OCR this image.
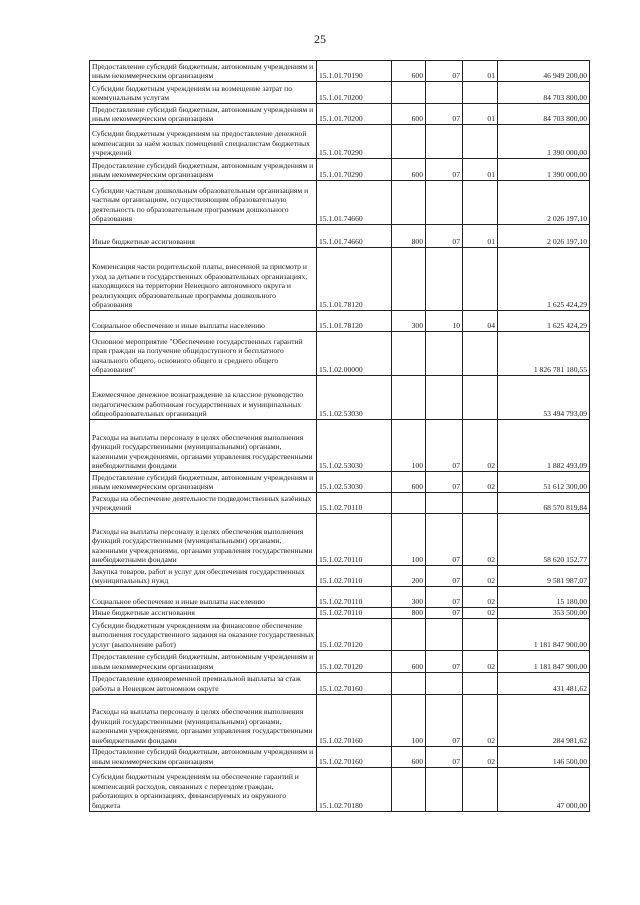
25
Предоставление субсидий бюджетным, автономным учреждениям и иным некоммерческим организациям	15.1.01.70190	600	07	01	46 949 200,00
Субсидии бюджетным учреждениям на возмещение затрат по коммунальным услугам	15.1.01.70200				84 703 800,00
Предоставление субсидий бюджетным, автономным учреждениям и иным некоммерческим организациям	15.1.01.70200	600	07	01	84 703 800,00
Субсидии бюджетным учреждениям на предоставление денежной компенсации за наём жилых помещений специалистам бюджетных учреждений	15.1.01.70290				1 390 000,00
Предоставление субсидий бюджетным, автономным учреждениям и иным некоммерческим организациям	15.1.01.70290	600	07	01	1 390 000,00
Субсидии частным дошкольным образовательным организациям и частным организациям, осуществляющим образовательную деятельность по образовательным программам дошкольного образования	15.1.01.74660				2 026 197,10
Иные бюджетные ассигнования	15.1.01.74660	800	07	01	2 026 197,10
Компенсация части родительской платы, внесенной за присмотр и уход за детьми в государственных образовательных организациях, находящихся на территории Ненецкого автономного округа и реализующих образовательные программы дошкольного образования	15.1.01.78120				1 625 424,29
Социальное обеспечение и иные выплаты населению	15.1.01.78120	300	10	04	1 625 424,29
Основное мероприятие "Обеспечение государственных гарантий прав граждан на получение общедоступного и бесплатного начального общего, основного общего и среднего общего образования"	15.1.02.00000				1 826 781 180,55
Ежемесячное денежное вознаграждение за классное руководство педагогическим работникам государственных и муниципальных общеобразовательных организаций	15.1.02.53030				53 494 793,09
Расходы на выплаты персоналу в целях обеспечения выполнения функций государственными (муниципальными) органами, казенными учреждениями, органами управления государственными внебюджетными фондами	15.1.02.53030	100	07	02	1 882 493,09
Предоставление субсидий бюджетным, автономным учреждениям и иным некоммерческим организациям	15.1.02.53030	600	07	02	51 612 300,00
Расходы на обеспечение деятельности подведомственных казённых учреждений	15.1.02.70110				68 570 819,84
Расходы на выплаты персоналу в целях обеспечения выполнения функций государственными (муниципальными) органами, казенными учреждениями, органами управления государственными внебюджетными фондами	15.1.02.70110	100	07	02	58 620 152,77
Закупка товаров, работ и услуг для обеспечения государственных (муниципальных) нужд	15.1.02.70110	200	07	02	9 581 987,07
Социальное обеспечение и иные выплаты населению	15.1.02.70110	300	07	02	15 180,00
Иные бюджетные ассигнования	15.1.02.70110	800	07	02	353 500,00
Субсидии бюджетным учреждениям на финансовое обеспечение выполнения государственного задания на оказание государственных услуг (выполнение работ)	15.1.02.70120				1 181 847 900,00
Предоставление субсидий бюджетным, автономным учреждениям и иным некоммерческим организациям	15.1.02.70120	600	07	02	1 181 847 900,00
Предоставление единовременной премиальной выплаты за стаж работы в Ненецком автономном округе	15.1.02.70160				431 481,62
Расходы на выплаты персоналу в целях обеспечения выполнения функций государственными (муниципальными) органами, казенными учреждениями, органами управления государственными внебюджетными фондами	15.1.02.70160	100	07	02	284 981,62
Предоставление субсидий бюджетным, автономным учреждениям и иным некоммерческим организациям	15.1.02.70160	600	07	02	146 500,00
Субсидии бюджетным учреждениям на обеспечение гарантий и компенсаций расходов, связанных с переездом граждан, работающих в организациях, финансируемых из окружного бюджета	15.1.02.70180				47 000,00
